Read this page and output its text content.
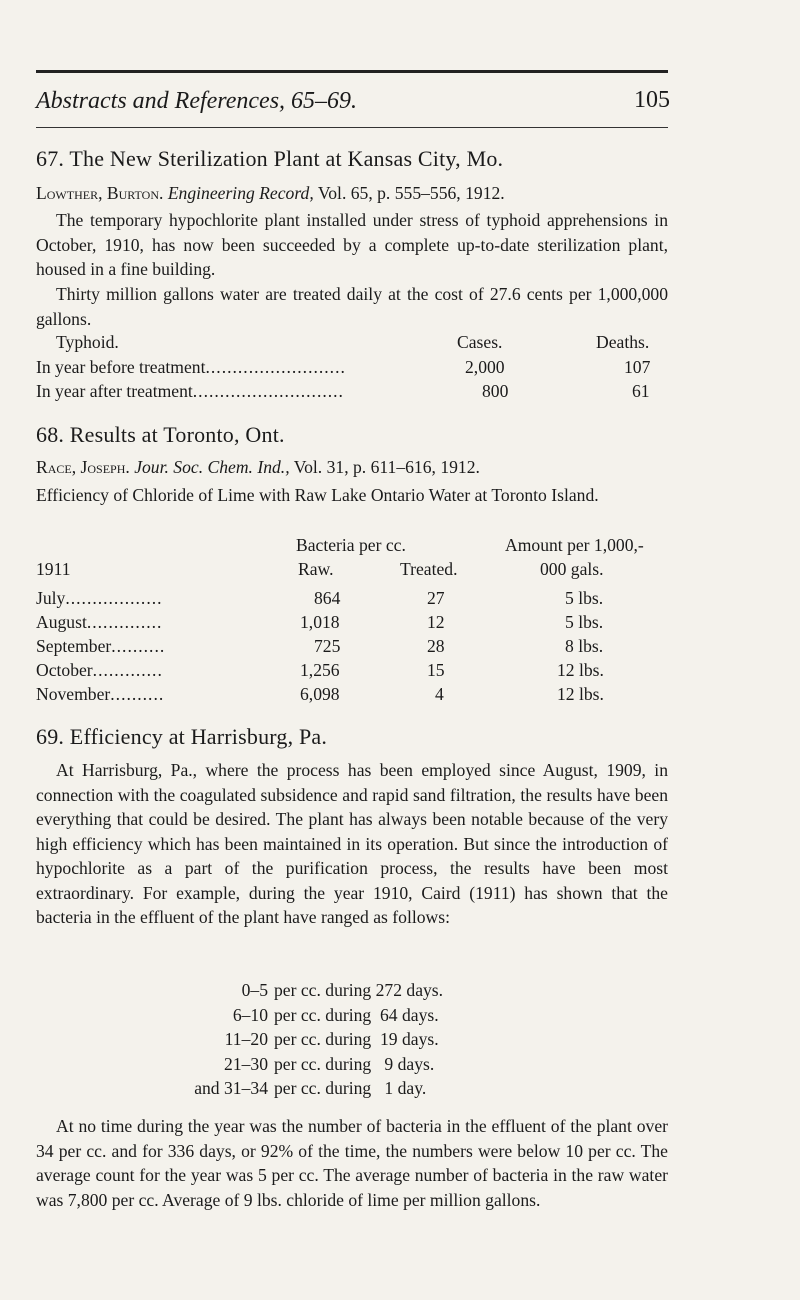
Abstracts and References, 65–69.	105
67. The New Sterilization Plant at Kansas City, Mo.
Lowther, Burton. Engineering Record, Vol. 65, p. 555–556, 1912.
The temporary hypochlorite plant installed under stress of typhoid apprehensions in October, 1910, has now been succeeded by a complete up-to-date sterilization plant, housed in a fine building.
Thirty million gallons water are treated daily at the cost of 27.6 cents per 1,000,000 gallons.
Typhoid.	Cases.	Deaths.
In year before treatment..........................	2,000	107
In year after treatment............................	800	61
68. Results at Toronto, Ont.
Race, Joseph. Jour. Soc. Chem. Ind., Vol. 31, p. 611–616, 1912.
Efficiency of Chloride of Lime with Raw Lake Ontario Water at Toronto Island.
Bacteria per cc.	Amount per 1,000,-
1911	Raw.	Treated.	000 gals.
July..................	864	27	5 lbs.
August..............	1,018	12	5 lbs.
September..........	725	28	8 lbs.
October.............	1,256	15	12 lbs.
November..........	6,098	4	12 lbs.
69. Efficiency at Harrisburg, Pa.
At Harrisburg, Pa., where the process has been employed since August, 1909, in connection with the coagulated subsidence and rapid sand filtration, the results have been everything that could be desired. The plant has always been notable because of the very high efficiency which has been maintained in its operation. But since the introduction of hypochlorite as a part of the purification process, the results have been most extraordinary. For example, during the year 1910, Caird (1911) has shown that the bacteria in the effluent of the plant have ranged as follows:
0–5 per cc. during 272 days.
6–10 per cc. during  64 days.
11–20 per cc. during  19 days.
21–30 per cc. during   9 days.
and 31–34 per cc. during   1 day.
At no time during the year was the number of bacteria in the effluent of the plant over 34 per cc. and for 336 days, or 92% of the time, the numbers were below 10 per cc. The average count for the year was 5 per cc. The average number of bacteria in the raw water was 7,800 per cc. Average of 9 lbs. chloride of lime per million gallons.
